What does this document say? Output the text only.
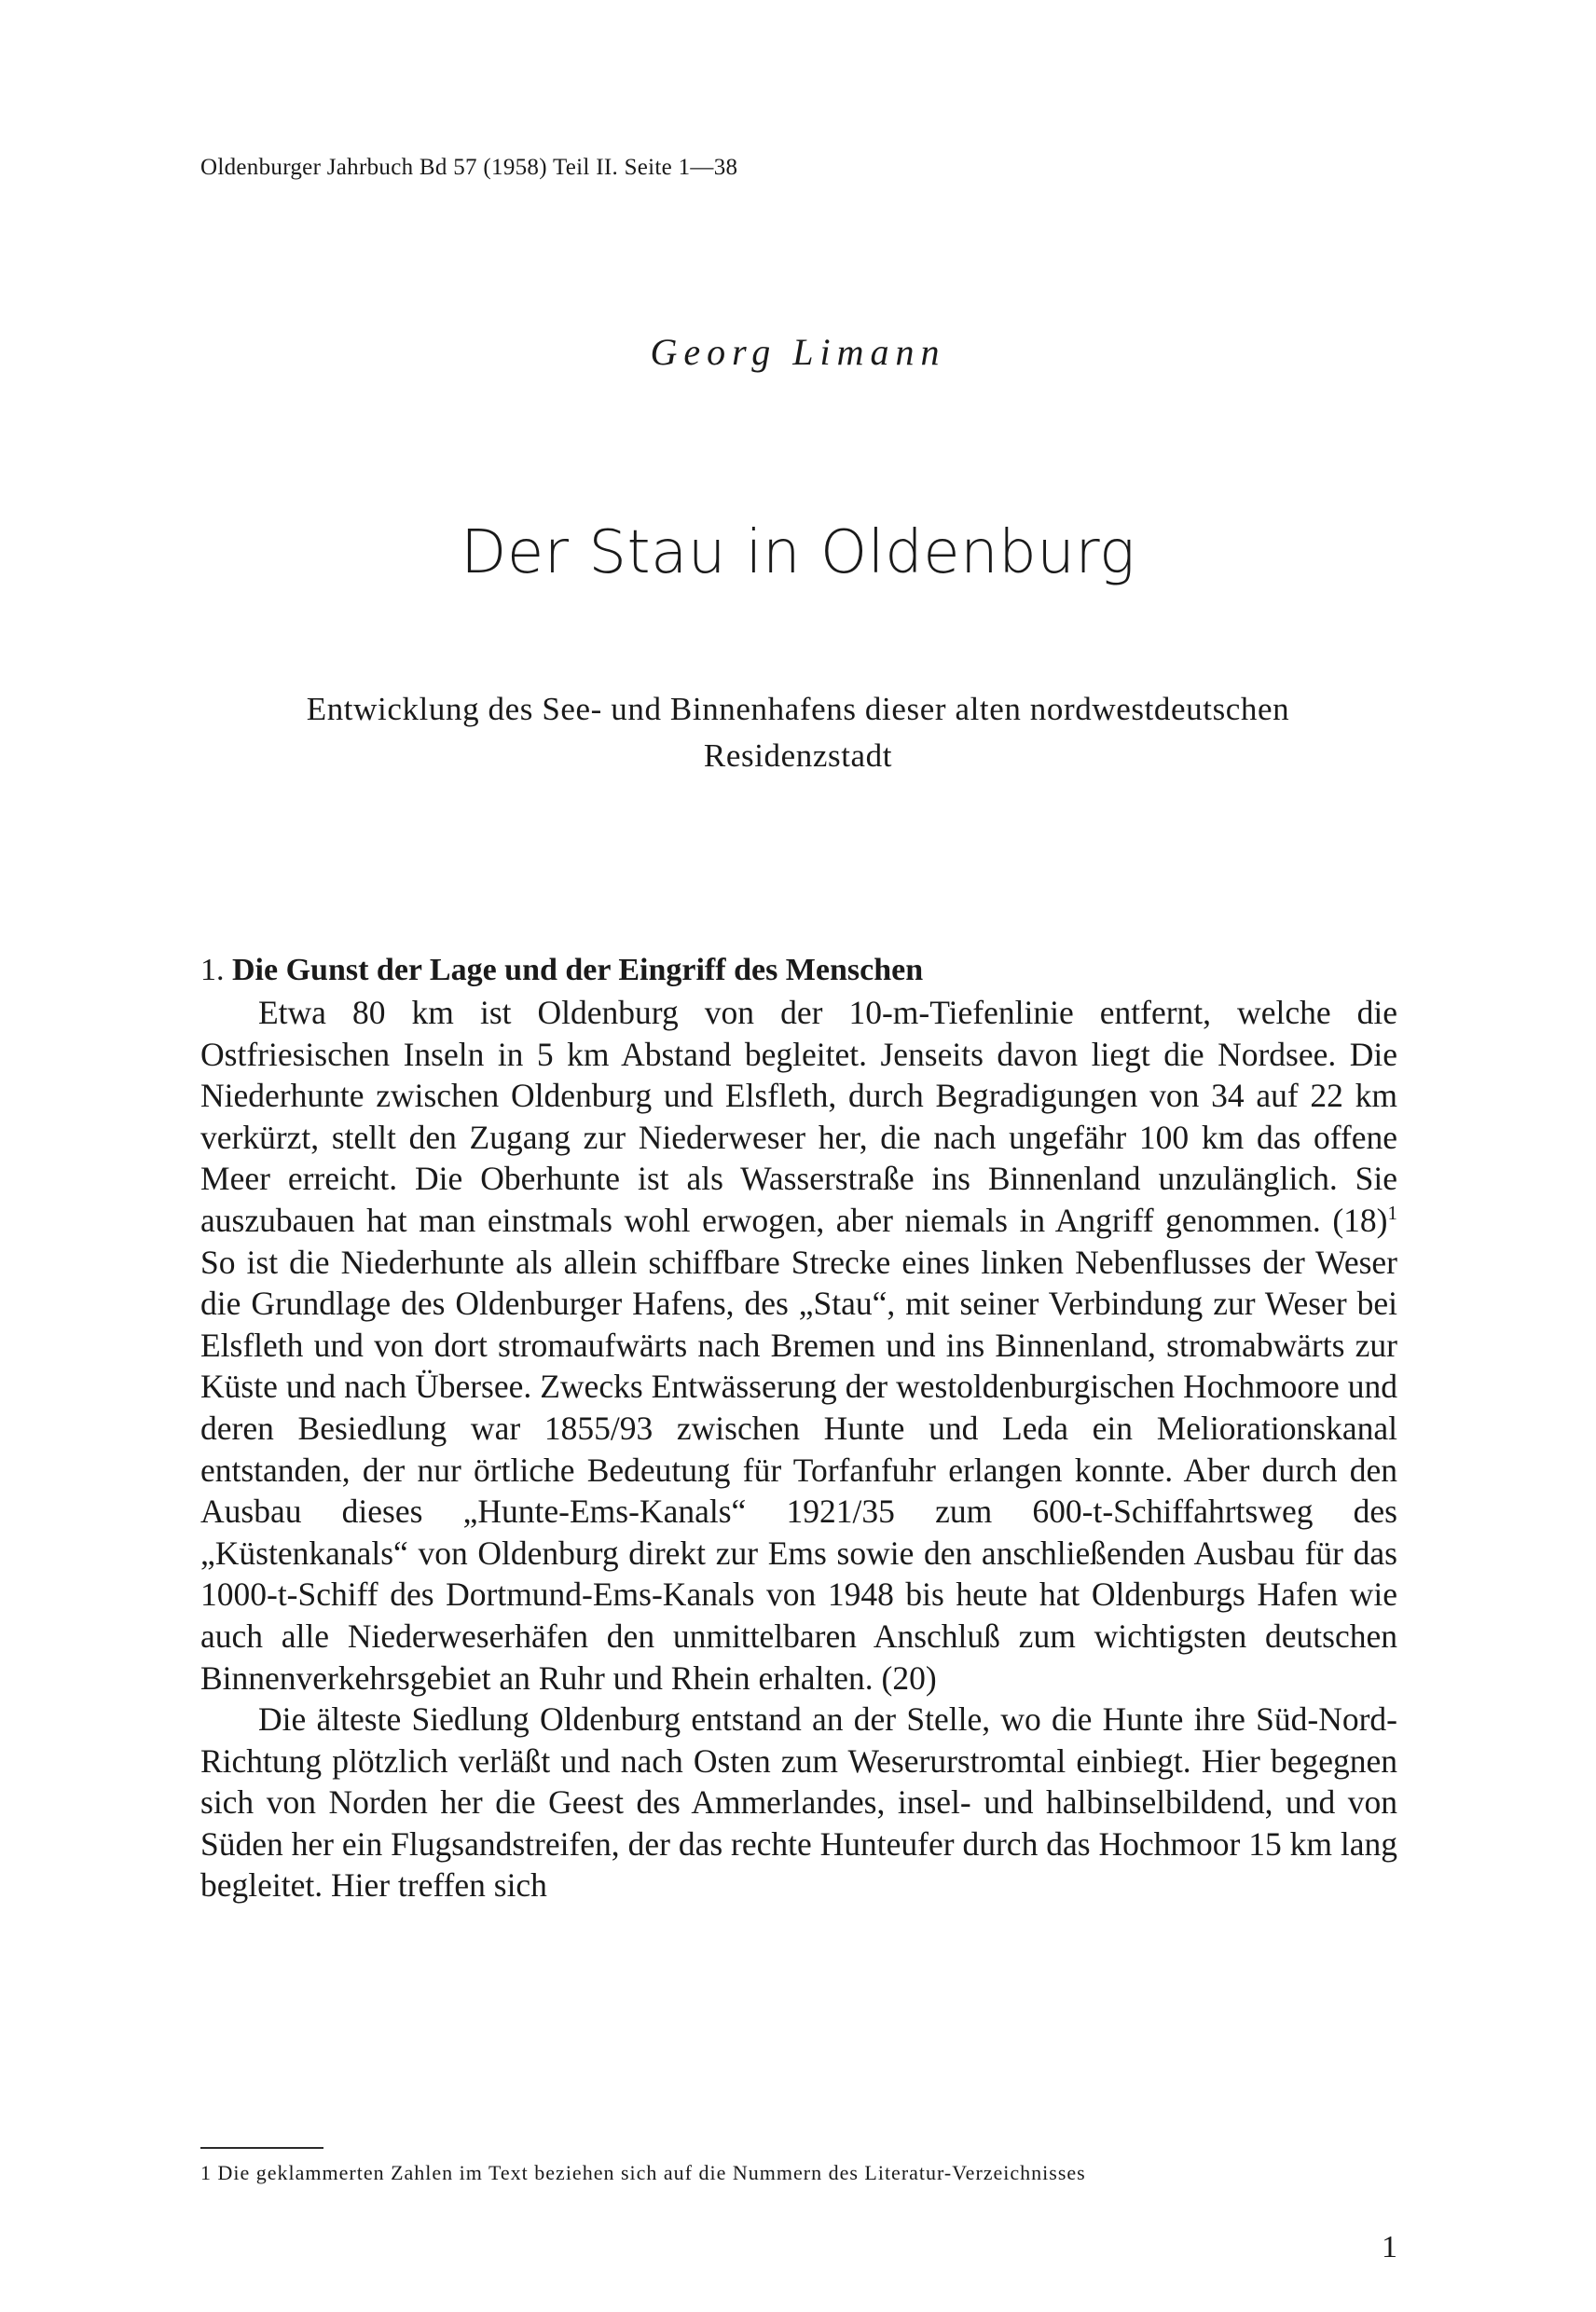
Oldenburger Jahrbuch Bd 57 (1958) Teil II. Seite 1—38
Georg Limann
Der Stau in Oldenburg
Entwicklung des See- und Binnenhafens dieser alten nordwestdeutschen Residenzstadt
1. Die Gunst der Lage und der Eingriff des Menschen

Etwa 80 km ist Oldenburg von der 10-m-Tiefenlinie entfernt, welche die Ostfriesischen Inseln in 5 km Abstand begleitet. Jenseits davon liegt die Nordsee. Die Niederhunte zwischen Oldenburg und Elsfleth, durch Begradigungen von 34 auf 22 km verkürzt, stellt den Zugang zur Niederweser her, die nach ungefähr 100 km das offene Meer erreicht. Die Oberhunte ist als Wasserstraße ins Binnenland unzulänglich. Sie auszubauen hat man einstmals wohl erwogen, aber niemals in Angriff genommen. $(18)^1$ So ist die Niederhunte als allein schiffbare Strecke eines linken Nebenflusses der Weser die Grundlage des Oldenburger Hafens, des „Stau“, mit seiner Verbindung zur Weser bei Elsfleth und von dort stromaufwärts nach Bremen und ins Binnenland, stromabwärts zur Küste und nach Übersee. Zwecks Entwässerung der westoldenburgischen Hochmoore und deren Besiedlung war 1855/93 zwischen Hunte und Leda ein Meliorationskanal entstanden, der nur örtliche Bedeutung für Torfanfuhr erlangen konnte. Aber durch den Ausbau dieses „Hunte-Ems-Kanals“ 1921/35 zum 600-t-Schiffahrtsweg des „Küstenkanals“ von Oldenburg direkt zur Ems sowie den anschließenden Ausbau für das 1000-t-Schiff des Dortmund-Ems-Kanals von 1948 bis heute hat Oldenburgs Hafen wie auch alle Niederweserhäfen den unmittelbaren Anschluß zum wichtigsten deutschen Binnenverkehrsgebiet an Ruhr und Rhein erhalten. (20)

Die älteste Siedlung Oldenburg entstand an der Stelle, wo die Hunte ihre Süd-Nord-Richtung plötzlich verläßt und nach Osten zum Weserurstromtal einbiegt. Hier begegnen sich von Norden her die Geest des Ammerlandes, insel- und halbinselbildend, und von Süden her ein Flugsandstreifen, der das rechte Hunteufer durch das Hochmoor 15 km lang begleitet. Hier treffen sich

1 Die geklammerten Zahlen im Text beziehen sich auf die Nummern des Literatur-Verzeichnisses
1
